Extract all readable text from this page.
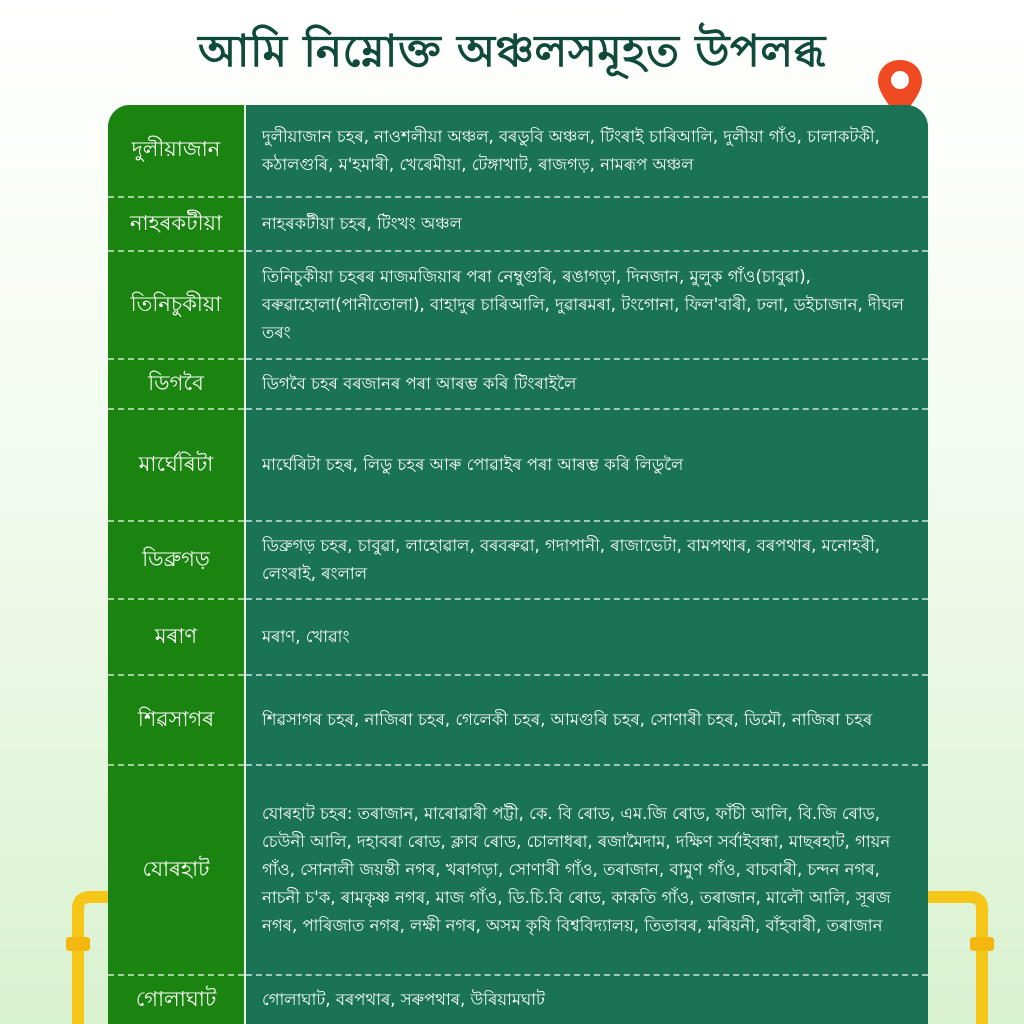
আমি নিম্নোক্ত অঞ্চলসমূহত উপলব্ধ
দুলীয়াজান	দুলীয়াজান চহৰ, নাওশলীয়া অঞ্চল, বৰডুবি অঞ্চল, টিংৰাই চাৰিআলি, দুলীয়া গাঁও, চালাকটকী, কঠালগুৰি, ম'হমাৰী, খেৰেমীয়া, টেঙ্গাখাট, ৰাজগড়, নামৰূপ অঞ্চল
নাহৰকটীয়া	নাহৰকটীয়া চহৰ, টিংখং অঞ্চল
তিনিচুকীয়া	তিনিচুকীয়া চহৰৰ মাজমজিয়াৰ পৰা নেম্বুগুৰি, ৰঙাগড়া, দিনজান, মুলুক গাঁও(চাবুৱা), বৰুৱাহোলা(পানীতোলা), বাহাদুৰ চাৰিআলি, দুৱাৰমৰা, টংগোনা, ফিল'বাৰী, ঢলা, ডইচাজান, দীঘল তৰং
ডিগবৈ	ডিগবৈ চহৰ বৰজানৰ পৰা আৰম্ভ কৰি টিংৰাইলৈ
মাৰ্ঘেৰিটা	মাৰ্ঘেৰিটা চহৰ, লিডু চহৰ আৰু পোৱাইৰ পৰা আৰম্ভ কৰি লিডুলৈ
ডিব্ৰুগড়	ডিব্ৰুগড় চহৰ, চাবুৱা, লাহোৱাল, বৰবৰুৱা, গদাপানী, ৰাজাভেটা, বামপথাৰ, বৰপথাৰ, মনোহৰী, লেংৰাই, ৰংলাল
মৰাণ	মৰাণ, খোৱাং
শিৱসাগৰ	শিৱসাগৰ চহৰ, নাজিৰা চহৰ, গেলেকী চহৰ, আমগুৰি চহৰ, সোণাৰী চহৰ, ডিমৌ, নাজিৰা চহৰ
যোৰহাট	যোৰহাট চহৰ: তৰাজান, মাৰোৱাৰী পট্টী, কে. বি ৰোড, এম.জি ৰোড, ফাঁচী আলি, বি.জি ৰোড, চেউনী আলি, দহাবৰা ৰোড, ক্লাব ৰোড, চোলাধৰা, ৰজামৈদাম, দক্ষিণ সৰ্বাইবন্ধা, মাছৰহাট, গায়ন গাঁও, সোনালী জয়ন্তী নগৰ, খৰাগড়া, সোণাৰী গাঁও, তৰাজান, বামুণ গাঁও, বাচবাৰী, চন্দন নগৰ, নাচনী চ'ক, ৰামকৃষ্ণ নগৰ, মাজ গাঁও, ডি.চি.বি ৰোড, কাকতি গাঁও, তৰাজান, মালৌ আলি, সূৰজ নগৰ, পাৰিজাত নগৰ, লক্ষী নগৰ, অসম কৃষি বিশ্ববিদ্যালয়, তিতাবৰ, মৰিয়নী, বাঁহবাৰী, তৰাজান
গোলাঘাট	গোলাঘাট, বৰপথাৰ, সৰুপথাৰ, উৰিয়ামঘাট
